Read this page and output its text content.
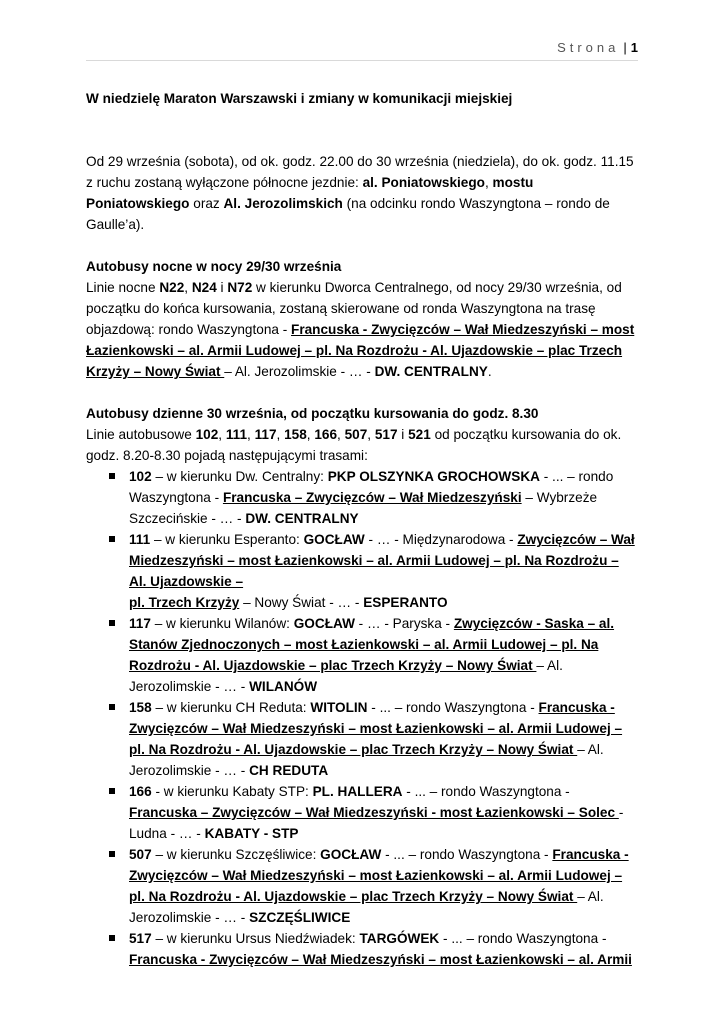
Strona | 1

W niedzielę Maraton Warszawski i zmiany w komunikacji miejskiej

Od 29 września (sobota), od ok. godz. 22.00 do 30 września (niedziela), do ok. godz. 11.15 z ruchu zostaną wyłączone północne jezdnie: al. Poniatowskiego, mostu Poniatowskiego oraz Al. Jerozolimskich (na odcinku rondo Waszyngtona – rondo de Gaulle’a).

Autobusy nocne w nocy 29/30 września

Linie nocne N22, N24 i N72 w kierunku Dworca Centralnego, od nocy 29/30 września, od początku do końca kursowania, zostaną skierowane od ronda Waszyngtona na trasę objazdową: rondo Waszyngtona - Francuska - Zwycięzców – Wał Miedzeszyński – most Łazienkowski – al. Armii Ludowej – pl. Na Rozdrożu - Al. Ujazdowskie – plac Trzech Krzyży – Nowy Świat – Al. Jerozolimskie - … - DW. CENTRALNY.

Autobusy dzienne 30 września, od początku kursowania do godz. 8.30

Linie autobusowe 102, 111, 117, 158, 166, 507, 517 i 521 od początku kursowania do ok. godz. 8.20-8.30 pojadą następującymi trasami:

102 – w kierunku Dw. Centralny: PKP OLSZYNKA GROCHOWSKA - ... – rondo Waszyngtona - Francuska – Zwycięzców – Wał Miedzeszyński – Wybrzeże Szczecińskie - … - DW. CENTRALNY
111 – w kierunku Esperanto: GOCŁAW - … - Międzynarodowa - Zwycięzców – Wał Miedzeszyński – most Łazienkowski – al. Armii Ludowej – pl. Na Rozdrożu – Al. Ujazdowskie –
pl. Trzech Krzyży – Nowy Świat - … - ESPERANTO
117 – w kierunku Wilanów: GOCŁAW - … - Paryska - Zwycięzców - Saska – al. Stanów Zjednoczonych – most Łazienkowski – al. Armii Ludowej – pl. Na Rozdrożu - Al. Ujazdowskie – plac Trzech Krzyży – Nowy Świat – Al. Jerozolimskie - … - WILANÓW
158 – w kierunku CH Reduta: WITOLIN - ... – rondo Waszyngtona - Francuska - Zwycięzców – Wał Miedzeszyński – most Łazienkowski – al. Armii Ludowej – pl. Na Rozdrożu - Al. Ujazdowskie – plac Trzech Krzyży – Nowy Świat – Al. Jerozolimskie - … - CH REDUTA
166 - w kierunku Kabaty STP: PL. HALLERA - ... – rondo Waszyngtona - Francuska – Zwycięzców – Wał Miedzeszyński - most Łazienkowski – Solec - Ludna - … - KABATY - STP
507 – w kierunku Szczęśliwice: GOCŁAW - ... – rondo Waszyngtona - Francuska - Zwycięzców – Wał Miedzeszyński – most Łazienkowski – al. Armii Ludowej – pl. Na Rozdrożu - Al. Ujazdowskie – plac Trzech Krzyży – Nowy Świat – Al. Jerozolimskie - … - SZCZĘŚLIWICE
517 – w kierunku Ursus Niedźwiadek: TARGÓWEK - ... – rondo Waszyngtona - Francuska - Zwycięzców – Wał Miedzeszyński – most Łazienkowski – al. Armii
